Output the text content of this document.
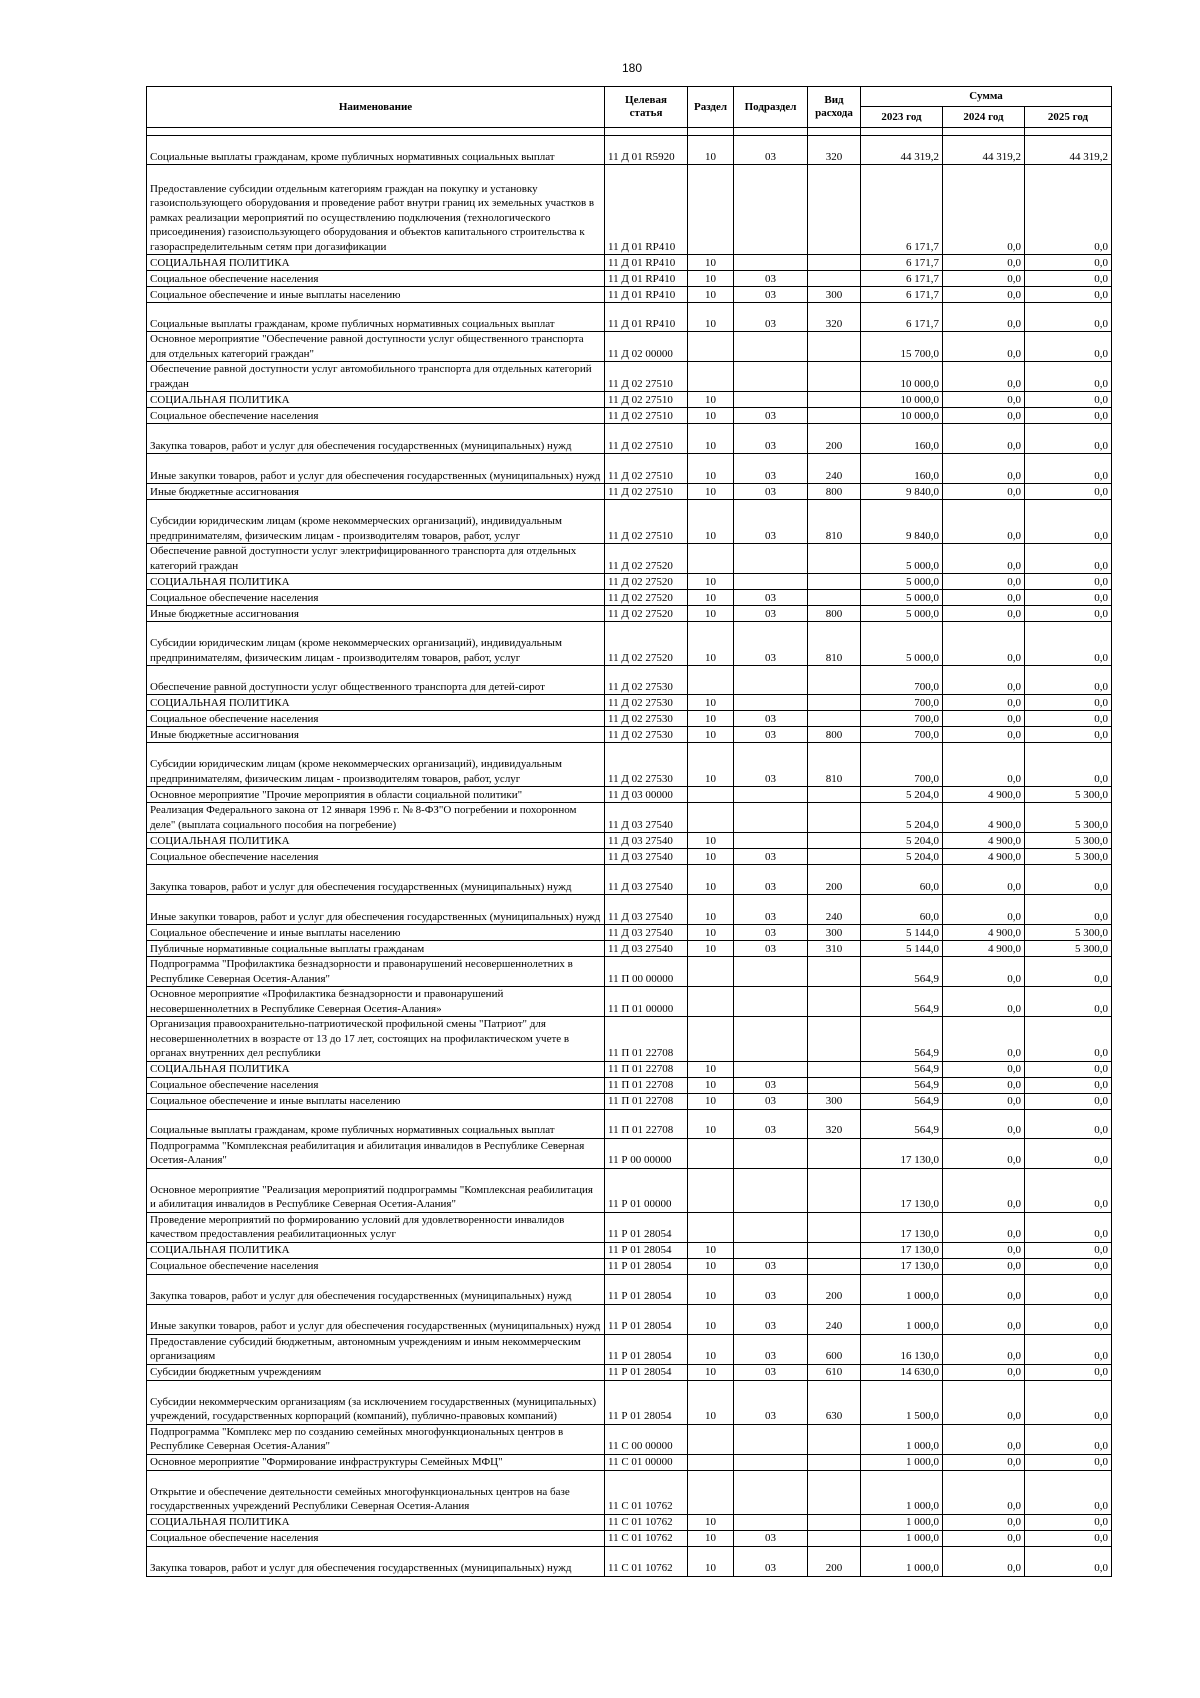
180
Наименование	Целевая статья	Раздел	Подраздел	Вид расхода	Сумма		
					2023 год	2024 год	2025 год

Социальные выплаты гражданам, кроме публичных нормативных социальных выплат	11 Д 01 R5920	10	03	320	44 319,2	44 319,2	44 319,2
Предоставление субсидии отдельным категориям граждан на покупку и установку газоиспользующего оборудования и проведение работ внутри границ их земельных участков в рамках реализации мероприятий по осуществлению подключения (технологического присоединения) газоиспользующего оборудования и объектов капитального строительства к газораспределительным сетям при догазификации	11 Д 01 RP410				6 171,7	0,0	0,0
СОЦИАЛЬНАЯ ПОЛИТИКА	11 Д 01 RP410	10			6 171,7	0,0	0,0
Социальное обеспечение населения	11 Д 01 RP410	10	03		6 171,7	0,0	0,0
Социальное обеспечение и иные выплаты населению	11 Д 01 RP410	10	03	300	6 171,7	0,0	0,0
Социальные выплаты гражданам, кроме публичных нормативных социальных выплат	11 Д 01 RP410	10	03	320	6 171,7	0,0	0,0
Основное мероприятие "Обеспечение равной доступности услуг общественного транспорта для отдельных категорий граждан"	11 Д 02 00000				15 700,0	0,0	0,0
Обеспечение равной доступности услуг автомобильного транспорта для отдельных категорий граждан	11 Д 02 27510				10 000,0	0,0	0,0
СОЦИАЛЬНАЯ ПОЛИТИКА	11 Д 02 27510	10			10 000,0	0,0	0,0
Социальное обеспечение населения	11 Д 02 27510	10	03		10 000,0	0,0	0,0
Закупка товаров, работ и услуг для обеспечения государственных (муниципальных) нужд	11 Д 02 27510	10	03	200	160,0	0,0	0,0
Иные закупки товаров, работ и услуг для обеспечения государственных (муниципальных) нужд	11 Д 02 27510	10	03	240	160,0	0,0	0,0
Иные бюджетные ассигнования	11 Д 02 27510	10	03	800	9 840,0	0,0	0,0
Субсидии юридическим лицам (кроме некоммерческих организаций), индивидуальным предпринимателям, физическим лицам - производителям товаров, работ, услуг	11 Д 02 27510	10	03	810	9 840,0	0,0	0,0
Обеспечение равной доступности услуг электрифицированного транспорта для отдельных категорий граждан	11 Д 02 27520				5 000,0	0,0	0,0
СОЦИАЛЬНАЯ ПОЛИТИКА	11 Д 02 27520	10			5 000,0	0,0	0,0
Социальное обеспечение населения	11 Д 02 27520	10	03		5 000,0	0,0	0,0
Иные бюджетные ассигнования	11 Д 02 27520	10	03	800	5 000,0	0,0	0,0
Субсидии юридическим лицам (кроме некоммерческих организаций), индивидуальным предпринимателям, физическим лицам - производителям товаров, работ, услуг	11 Д 02 27520	10	03	810	5 000,0	0,0	0,0
Обеспечение равной доступности услуг общественного транспорта для детей-сирот	11 Д 02 27530				700,0	0,0	0,0
СОЦИАЛЬНАЯ ПОЛИТИКА	11 Д 02 27530	10			700,0	0,0	0,0
Социальное обеспечение населения	11 Д 02 27530	10	03		700,0	0,0	0,0
Иные бюджетные ассигнования	11 Д 02 27530	10	03	800	700,0	0,0	0,0
Субсидии юридическим лицам (кроме некоммерческих организаций), индивидуальным предпринимателям, физическим лицам - производителям товаров, работ, услуг	11 Д 02 27530	10	03	810	700,0	0,0	0,0
Основное мероприятие "Прочие мероприятия в области социальной политики"	11 Д 03 00000				5 204,0	4 900,0	5 300,0
Реализация Федерального закона от 12 января 1996 г. № 8-ФЗ"О погребении и похоронном деле" (выплата социального пособия на погребение)	11 Д 03 27540				5 204,0	4 900,0	5 300,0
СОЦИАЛЬНАЯ ПОЛИТИКА	11 Д 03 27540	10			5 204,0	4 900,0	5 300,0
Социальное обеспечение населения	11 Д 03 27540	10	03		5 204,0	4 900,0	5 300,0
Закупка товаров, работ и услуг для обеспечения государственных (муниципальных) нужд	11 Д 03 27540	10	03	200	60,0	0,0	0,0
Иные закупки товаров, работ и услуг для обеспечения государственных (муниципальных) нужд	11 Д 03 27540	10	03	240	60,0	0,0	0,0
Социальное обеспечение и иные выплаты населению	11 Д 03 27540	10	03	300	5 144,0	4 900,0	5 300,0
Публичные нормативные социальные выплаты гражданам	11 Д 03 27540	10	03	310	5 144,0	4 900,0	5 300,0
Подпрограмма "Профилактика безнадзорности и правонарушений несовершеннолетних в Республике Северная Осетия-Алания"	11 П 00 00000				564,9	0,0	0,0
Основное мероприятие «Профилактика безнадзорности и правонарушений несовершеннолетних в Республике Северная Осетия-Алания»	11 П 01 00000				564,9	0,0	0,0
Организация правоохранительно-патриотической профильной смены "Патриот" для несовершеннолетних в возрасте от 13 до 17 лет, состоящих на профилактическом учете в органах внутренних дел республики	11 П 01 22708				564,9	0,0	0,0
СОЦИАЛЬНАЯ ПОЛИТИКА	11 П 01 22708	10			564,9	0,0	0,0
Социальное обеспечение населения	11 П 01 22708	10	03		564,9	0,0	0,0
Социальное обеспечение и иные выплаты населению	11 П 01 22708	10	03	300	564,9	0,0	0,0
Социальные выплаты гражданам, кроме публичных нормативных социальных выплат	11 П 01 22708	10	03	320	564,9	0,0	0,0
Подпрограмма "Комплексная реабилитация и абилитация инвалидов в Республике Северная Осетия-Алания"	11 Р 00 00000				17 130,0	0,0	0,0
Основное мероприятие "Реализация мероприятий подпрограммы "Комплексная реабилитация и абилитация инвалидов в Республике Северная Осетия-Алания"	11 Р 01 00000				17 130,0	0,0	0,0
Проведение мероприятий по формированию условий для удовлетворенности инвалидов качеством предоставления реабилитационных услуг	11 Р 01 28054				17 130,0	0,0	0,0
СОЦИАЛЬНАЯ ПОЛИТИКА	11 Р 01 28054	10			17 130,0	0,0	0,0
Социальное обеспечение населения	11 Р 01 28054	10	03		17 130,0	0,0	0,0
Закупка товаров, работ и услуг для обеспечения государственных (муниципальных) нужд	11 Р 01 28054	10	03	200	1 000,0	0,0	0,0
Иные закупки товаров, работ и услуг для обеспечения государственных (муниципальных) нужд	11 Р 01 28054	10	03	240	1 000,0	0,0	0,0
Предоставление субсидий бюджетным, автономным учреждениям и иным некоммерческим организациям	11 Р 01 28054	10	03	600	16 130,0	0,0	0,0
Субсидии бюджетным учреждениям	11 Р 01 28054	10	03	610	14 630,0	0,0	0,0
Субсидии некоммерческим организациям (за исключением государственных (муниципальных) учреждений, государственных корпораций (компаний), публично-правовых компаний)	11 Р 01 28054	10	03	630	1 500,0	0,0	0,0
Подпрограмма "Комплекс мер по созданию семейных многофункциональных центров в Республике Северная Осетия-Алания"	11 С 00 00000				1 000,0	0,0	0,0
Основное мероприятие "Формирование инфраструктуры Семейных МФЦ"	11 С 01 00000				1 000,0	0,0	0,0
Открытие и обеспечение деятельности семейных многофункциональных центров на базе государственных учреждений Республики Северная Осетия-Алания	11 С 01 10762				1 000,0	0,0	0,0
СОЦИАЛЬНАЯ ПОЛИТИКА	11 С 01 10762	10			1 000,0	0,0	0,0
Социальное обеспечение населения	11 С 01 10762	10	03		1 000,0	0,0	0,0
Закупка товаров, работ и услуг для обеспечения государственных (муниципальных) нужд	11 С 01 10762	10	03	200	1 000,0	0,0	0,0
